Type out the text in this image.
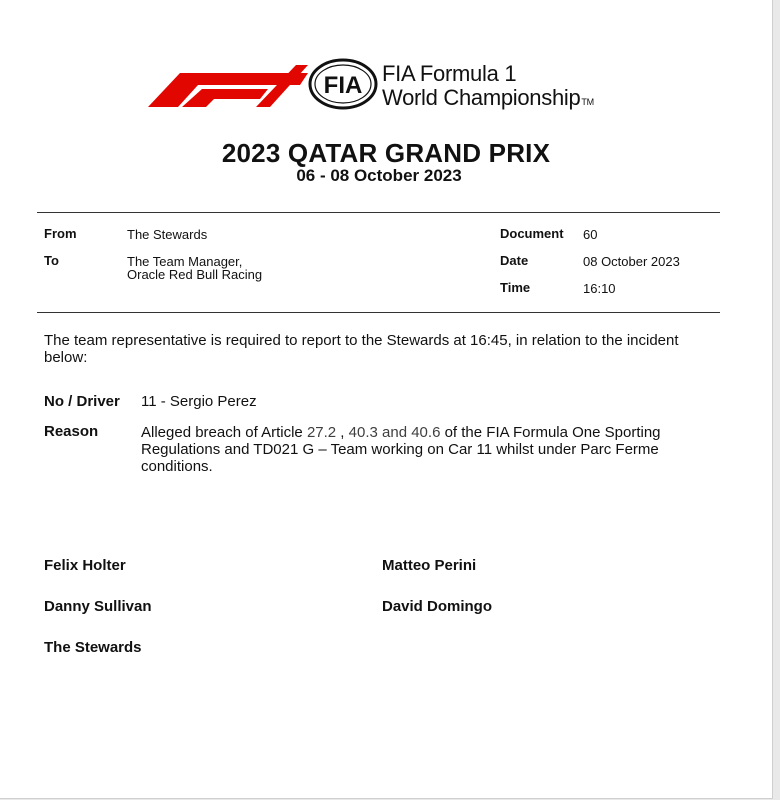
FIA FIA Formula 1
World ChampionshipTM
2023 QATAR GRAND PRIX
06 - 08 October 2023
From	The Stewards
To	The Team Manager,
Oracle Red Bull Racing
Document 60
Date	08 October 2023
Time	16:10
The team representative is required to report to the Stewards at 16:45, in relation to the incident below:
No / Driver 11 - Sergio Perez
Reason	Alleged breach of Article 27.2 , 40.3 and 40.6 of the FIA Formula One Sporting Regulations and TD021 G – Team working on Car 11 whilst under Parc Ferme conditions.
Felix Holter	Matteo Perini
Danny Sullivan	David Domingo
The Stewards
